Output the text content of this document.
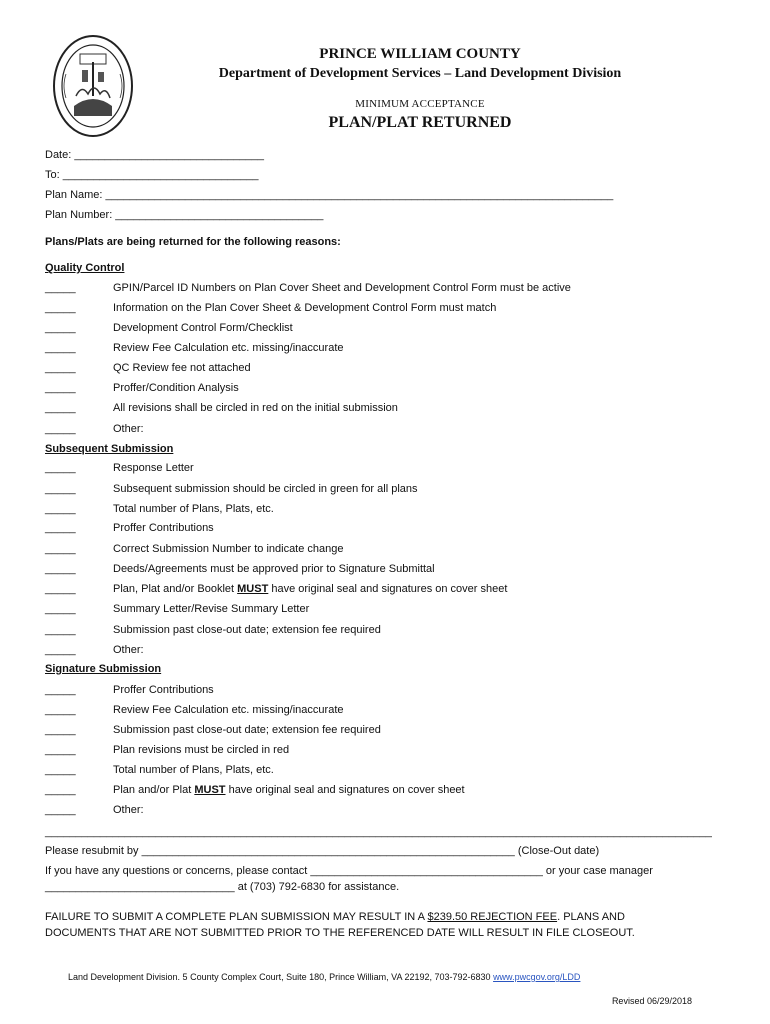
PRINCE WILLIAM COUNTY
Department of Development Services – Land Development Division
MINIMUM ACCEPTANCE
PLAN/PLAT RETURNED
Date: _______________________________
To: ________________________________
Plan Name: ___________________________________________________________________________________
Plan Number: __________________________________
Plans/Plats are being returned for the following reasons:
Quality Control
_____	GPIN/Parcel ID Numbers on Plan Cover Sheet and Development Control Form must be active
_____	Information on the Plan Cover Sheet & Development Control Form must match
_____	Development Control Form/Checklist
_____	Review Fee Calculation etc. missing/inaccurate
_____	QC Review fee not attached
_____	Proffer/Condition Analysis
_____	All revisions shall be circled in red on the initial submission
_____	Other:
Subsequent Submission
_____	Response Letter
_____	Subsequent submission should be circled in green for all plans
_____	Total number of Plans, Plats, etc.
_____	Proffer Contributions
_____	Correct Submission Number to indicate change
_____	Deeds/Agreements must be approved prior to Signature Submittal
_____	Plan, Plat and/or Booklet MUST have original seal and signatures on cover sheet
_____	Summary Letter/Revise Summary Letter
_____	Submission past close-out date; extension fee required
_____	Other:
Signature Submission
_____	Proffer Contributions
_____	Review Fee Calculation etc. missing/inaccurate
_____	Submission past close-out date; extension fee required
_____	Plan revisions must be circled in red
_____	Total number of Plans, Plats, etc.
_____	Plan and/or Plat MUST have original seal and signatures on cover sheet
_____	Other:
_____________________________________________________________________________________________________________
Please resubmit by _____________________________________________________________ (Close-Out date)
If you have any questions or concerns, please contact ______________________________________ or your case manager
_______________________________ at (703) 792-6830 for assistance.
FAILURE TO SUBMIT A COMPLETE PLAN SUBMISSION MAY RESULT IN A $239.50 REJECTION FEE. PLANS AND DOCUMENTS THAT ARE NOT SUBMITTED PRIOR TO THE REFERENCED DATE WILL RESULT IN FILE CLOSEOUT.
Land Development Division. 5 County Complex Court, Suite 180, Prince William, VA 22192, 703-792-6830 www.pwcgov.org/LDD
Revised 06/29/2018
